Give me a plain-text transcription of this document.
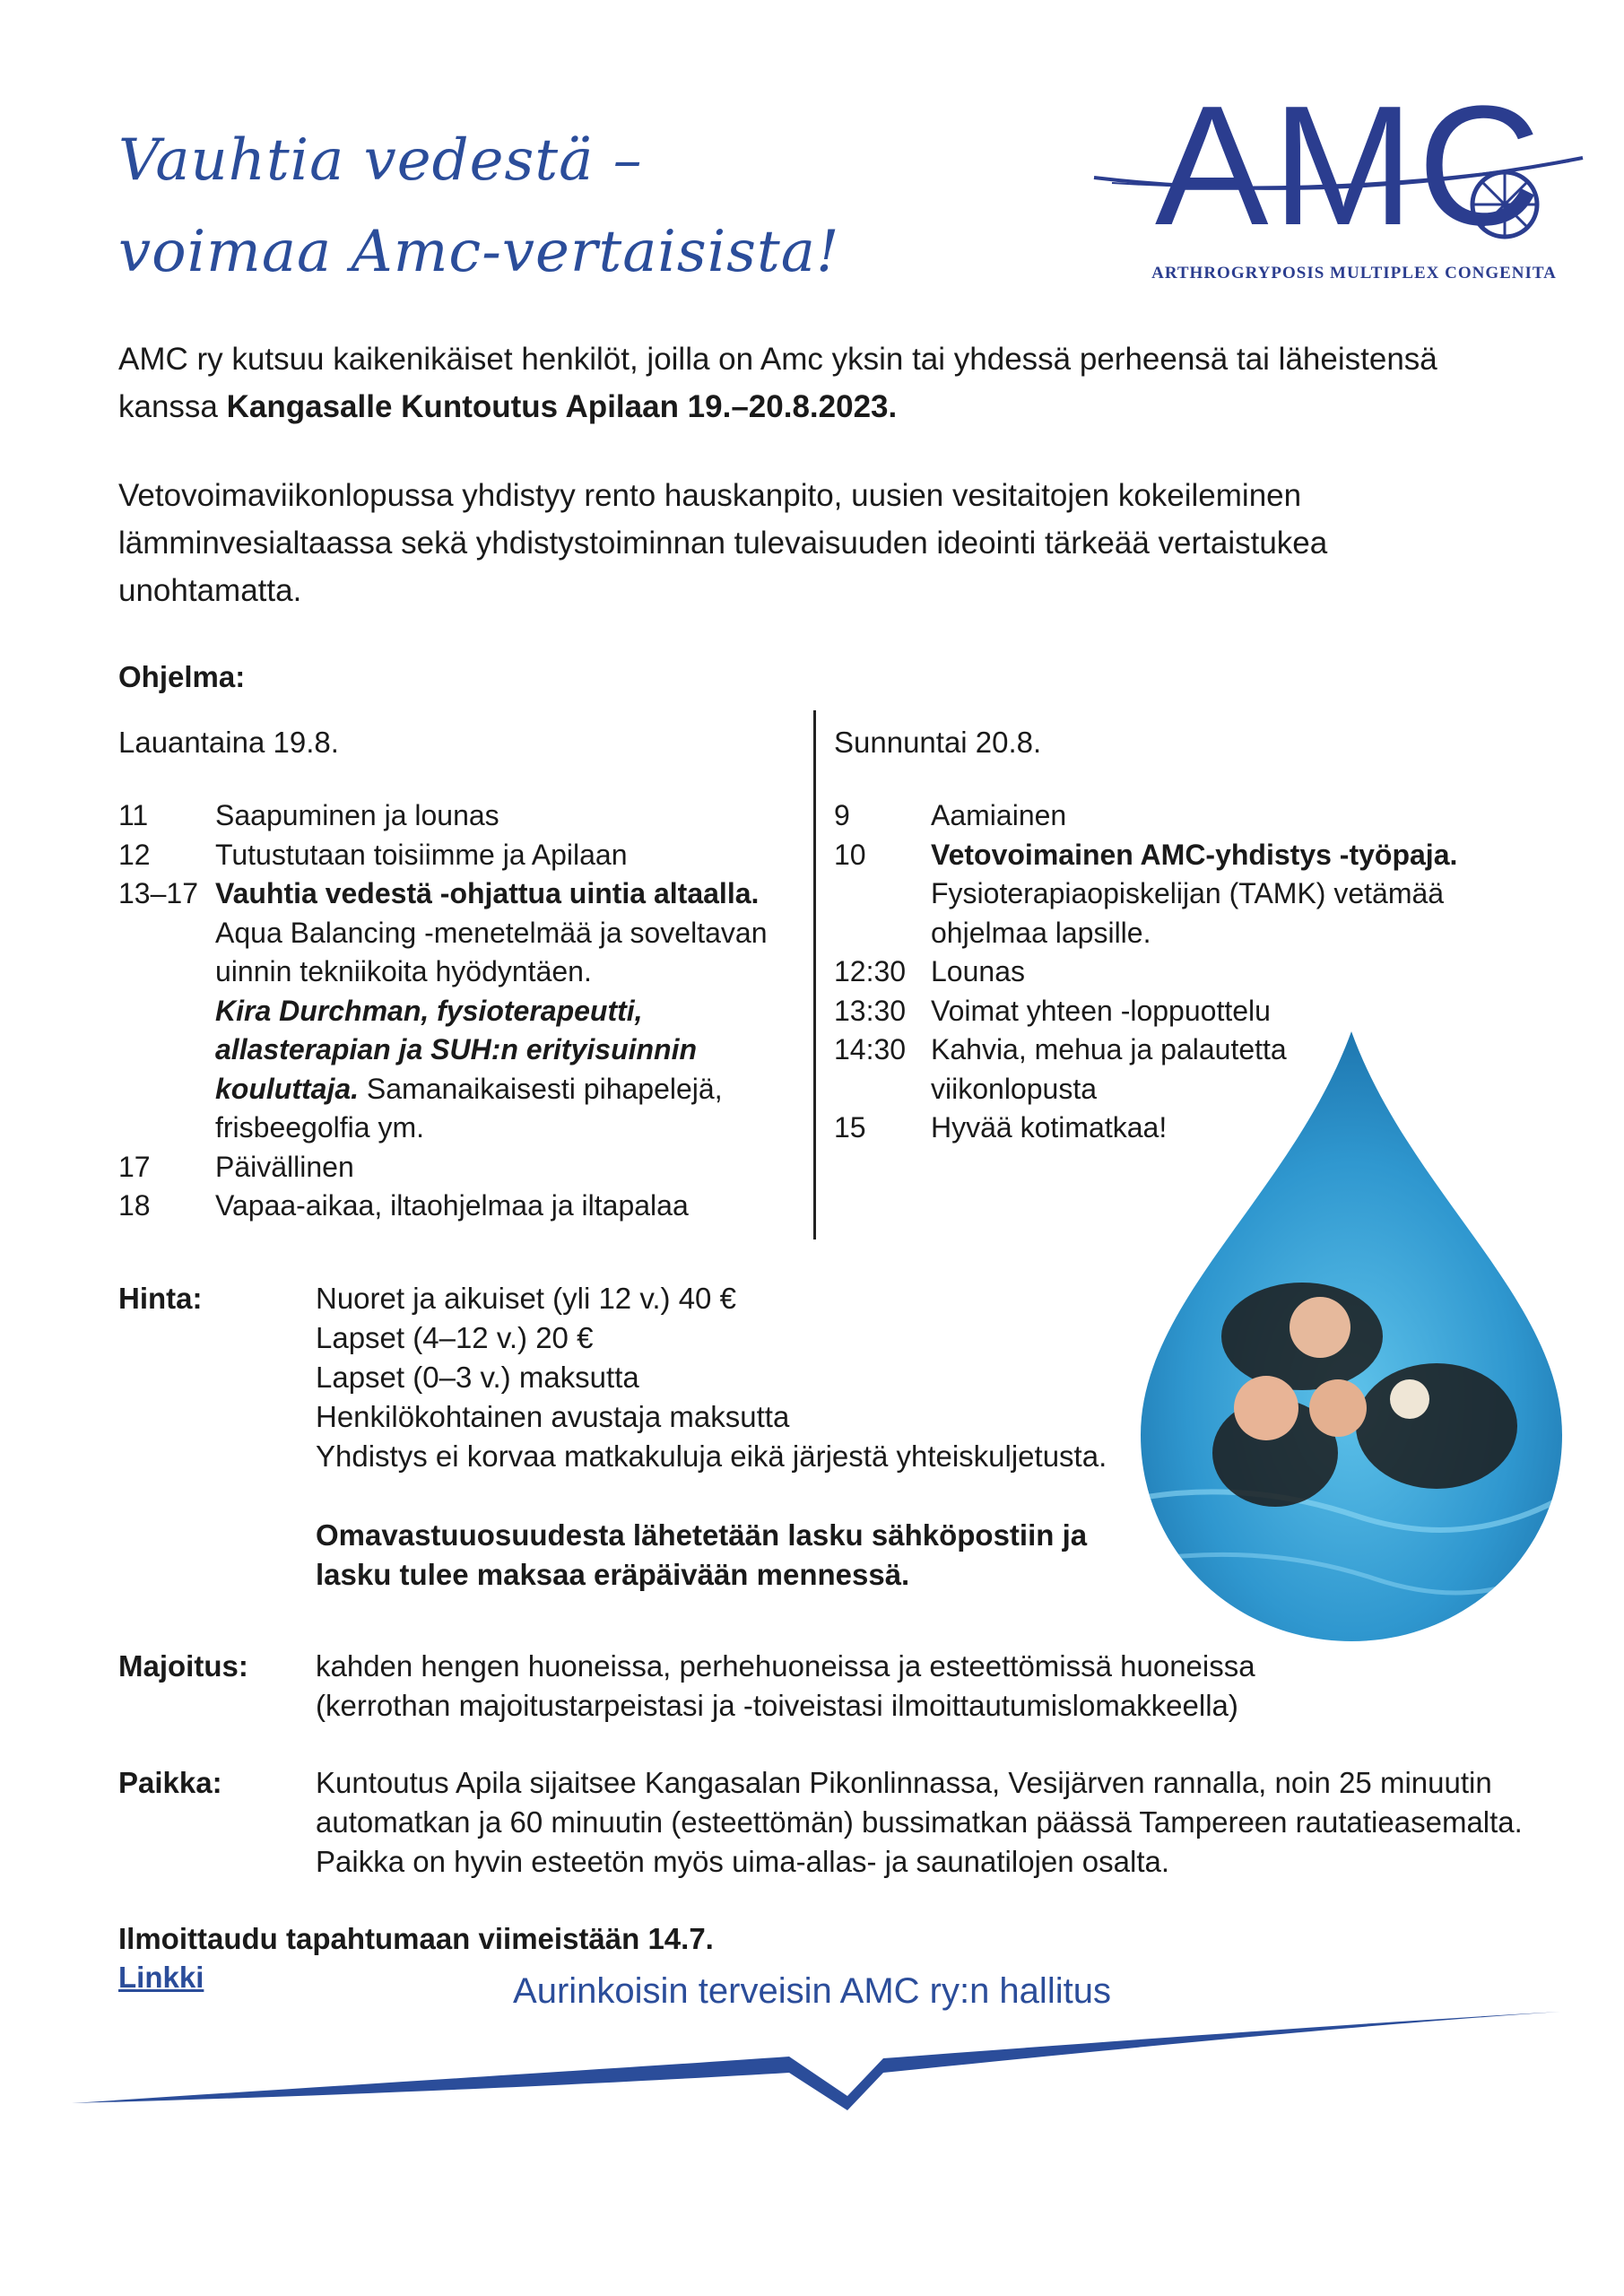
Vauhtia vedestä –
voimaa Amc-vertaisista!	AMC
ARTHROGRYPOSIS MULTIPLEX CONGENITA
AMC ry kutsuu kaikenikäiset henkilöt, joilla on Amc yksin tai yhdessä perheensä tai läheistensä kanssa Kangasalle Kuntoutus Apilaan 19.–20.8.2023.
Vetovoimaviikonlopussa yhdistyy rento hauskanpito, uusien vesitaitojen kokeileminen lämminvesialtaassa sekä yhdistystoiminnan tulevaisuuden ideointi tärkeää vertaistukea unohtamatta.
Ohjelma:
Lauantaina 19.8.	Sunnuntai 20.8.
11 Saapuminen ja lounas
12 Tutustutaan toisiimme ja Apilaan
13–17 Vauhtia vedestä -ohjattua uintia altaalla.
Aqua Balancing -menetelmää ja soveltavan uinnin tekniikoita hyödyntäen.
Kira Durchman, fysioterapeutti, allasterapian ja SUH:n erityisuinnin kouluttaja. Samanaikaisesti pihapelejä, frisbeegolfia ym.
17 Päivällinen
18 Vapaa-aikaa, iltaohjelmaa ja iltapalaa
9	Aamiainen
10 Vetovoimainen AMC-yhdistys -työpaja.
Fysioterapiaopiskelijan (TAMK) vetämää ohjelmaa lapsille.
12:30 Lounas
13:30 Voimat yhteen -loppuottelu
14:30 Kahvia, mehua ja palautetta viikonlopusta
15 Hyvää kotimatkaa!
Hinta:	Nuoret ja aikuiset (yli 12 v.) 40 €
Lapset (4–12 v.) 20 €
Lapset (0–3 v.) maksutta
Henkilökohtainen avustaja maksutta
Yhdistys ei korvaa matkakuluja eikä järjestä yhteiskuljetusta.
Omavastuuosuudesta lähetetään lasku sähköpostiin ja
lasku tulee maksaa eräpäivään mennessä.
Majoitus: kahden hengen huoneissa, perhehuoneissa ja esteettömissä huoneissa
(kerrothan majoitustarpeistasi ja -toiveistasi ilmoittautumislomakkeella)
Paikka:	Kuntoutus Apila sijaitsee Kangasalan Pikonlinnassa, Vesijärven rannalla, noin 25 minuutin
automatkan ja 60 minuutin (esteettömän) bussimatkan päässä Tampereen rautatieasemalta.
Paikka on hyvin esteetön myös uima-allas- ja saunatilojen osalta.
Ilmoittaudu tapahtumaan viimeistään 14.7.
Linkki	Aurinkoisin terveisin AMC ry:n hallitus
